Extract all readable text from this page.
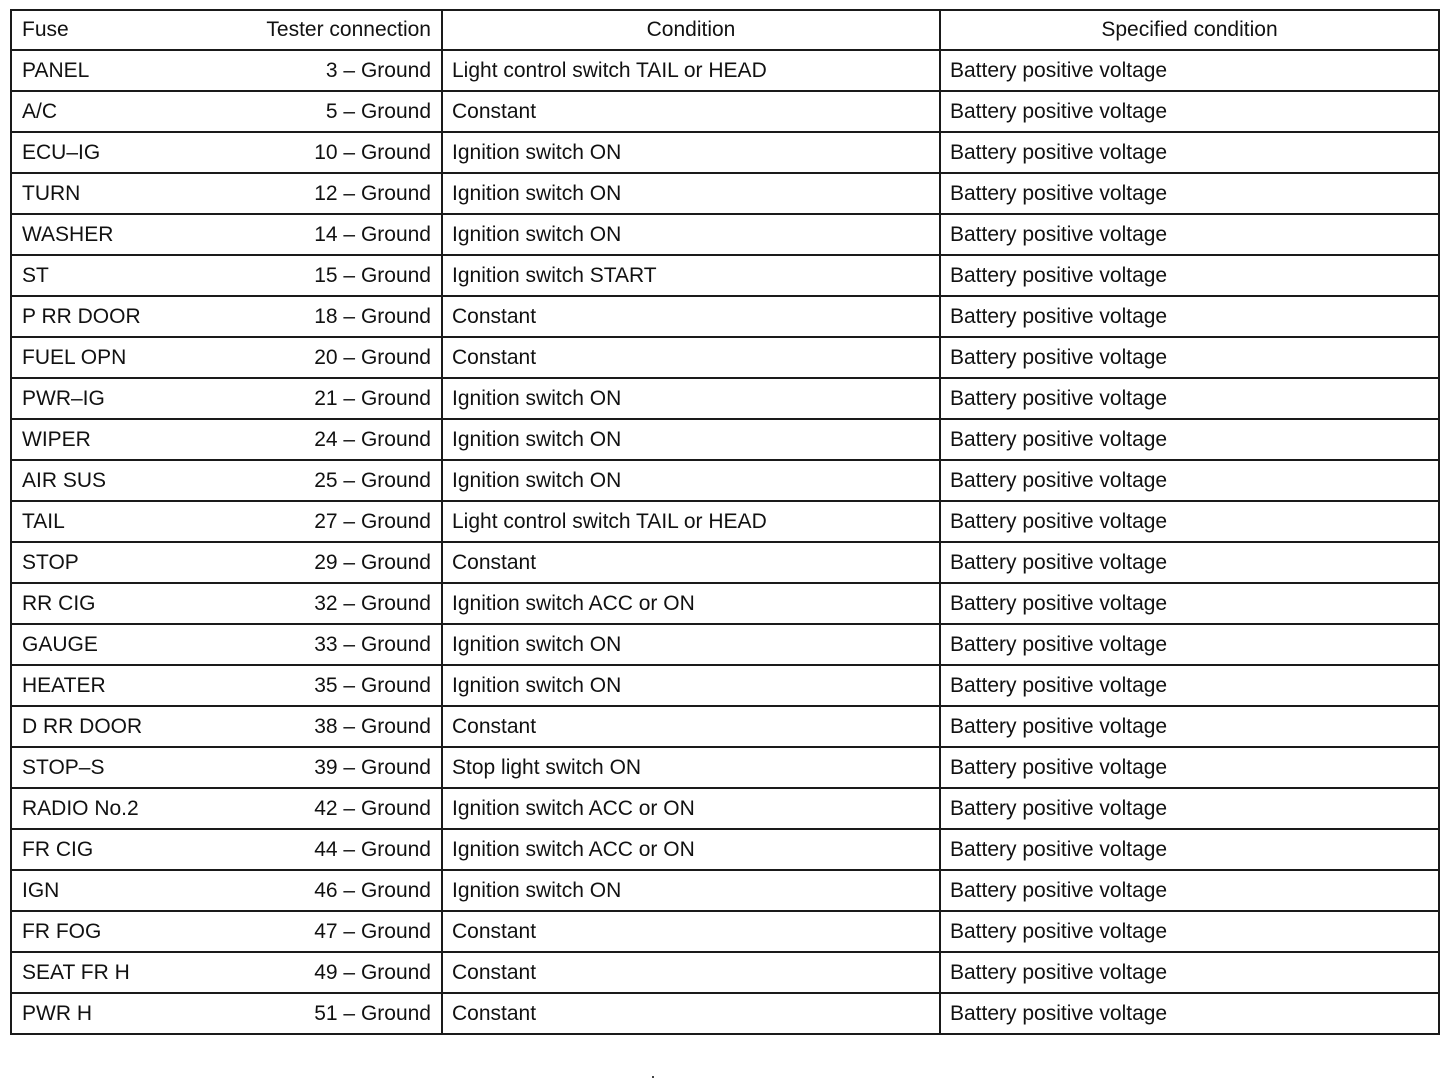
Fuse Tester connection	Condition	Specified condition

PANEL 3 – Ground	Light control switch TAIL or HEAD	Battery positive voltage

A/C 5 – Ground	Constant	Battery positive voltage

ECU–IG 10 – Ground	Ignition switch ON	Battery positive voltage

TURN 12 – Ground	Ignition switch ON	Battery positive voltage

WASHER 14 – Ground	Ignition switch ON	Battery positive voltage

ST 15 – Ground	Ignition switch START	Battery positive voltage

P RR DOOR 18 – Ground	Constant	Battery positive voltage

FUEL OPN 20 – Ground	Constant	Battery positive voltage

PWR–IG 21 – Ground	Ignition switch ON	Battery positive voltage

WIPER 24 – Ground	Ignition switch ON	Battery positive voltage

AIR SUS 25 – Ground	Ignition switch ON	Battery positive voltage

TAIL 27 – Ground	Light control switch TAIL or HEAD	Battery positive voltage

STOP 29 – Ground	Constant	Battery positive voltage

RR CIG 32 – Ground	Ignition switch ACC or ON	Battery positive voltage

GAUGE 33 – Ground	Ignition switch ON	Battery positive voltage

HEATER 35 – Ground	Ignition switch ON	Battery positive voltage

D RR DOOR 38 – Ground	Constant	Battery positive voltage

STOP–S 39 – Ground	Stop light switch ON	Battery positive voltage

RADIO No.2 42 – Ground	Ignition switch ACC or ON	Battery positive voltage

FR CIG 44 – Ground	Ignition switch ACC or ON	Battery positive voltage

IGN 46 – Ground	Ignition switch ON	Battery positive voltage

FR FOG 47 – Ground	Constant	Battery positive voltage

SEAT FR H 49 – Ground	Constant	Battery positive voltage

PWR H 51 – Ground	Constant	Battery positive voltage
